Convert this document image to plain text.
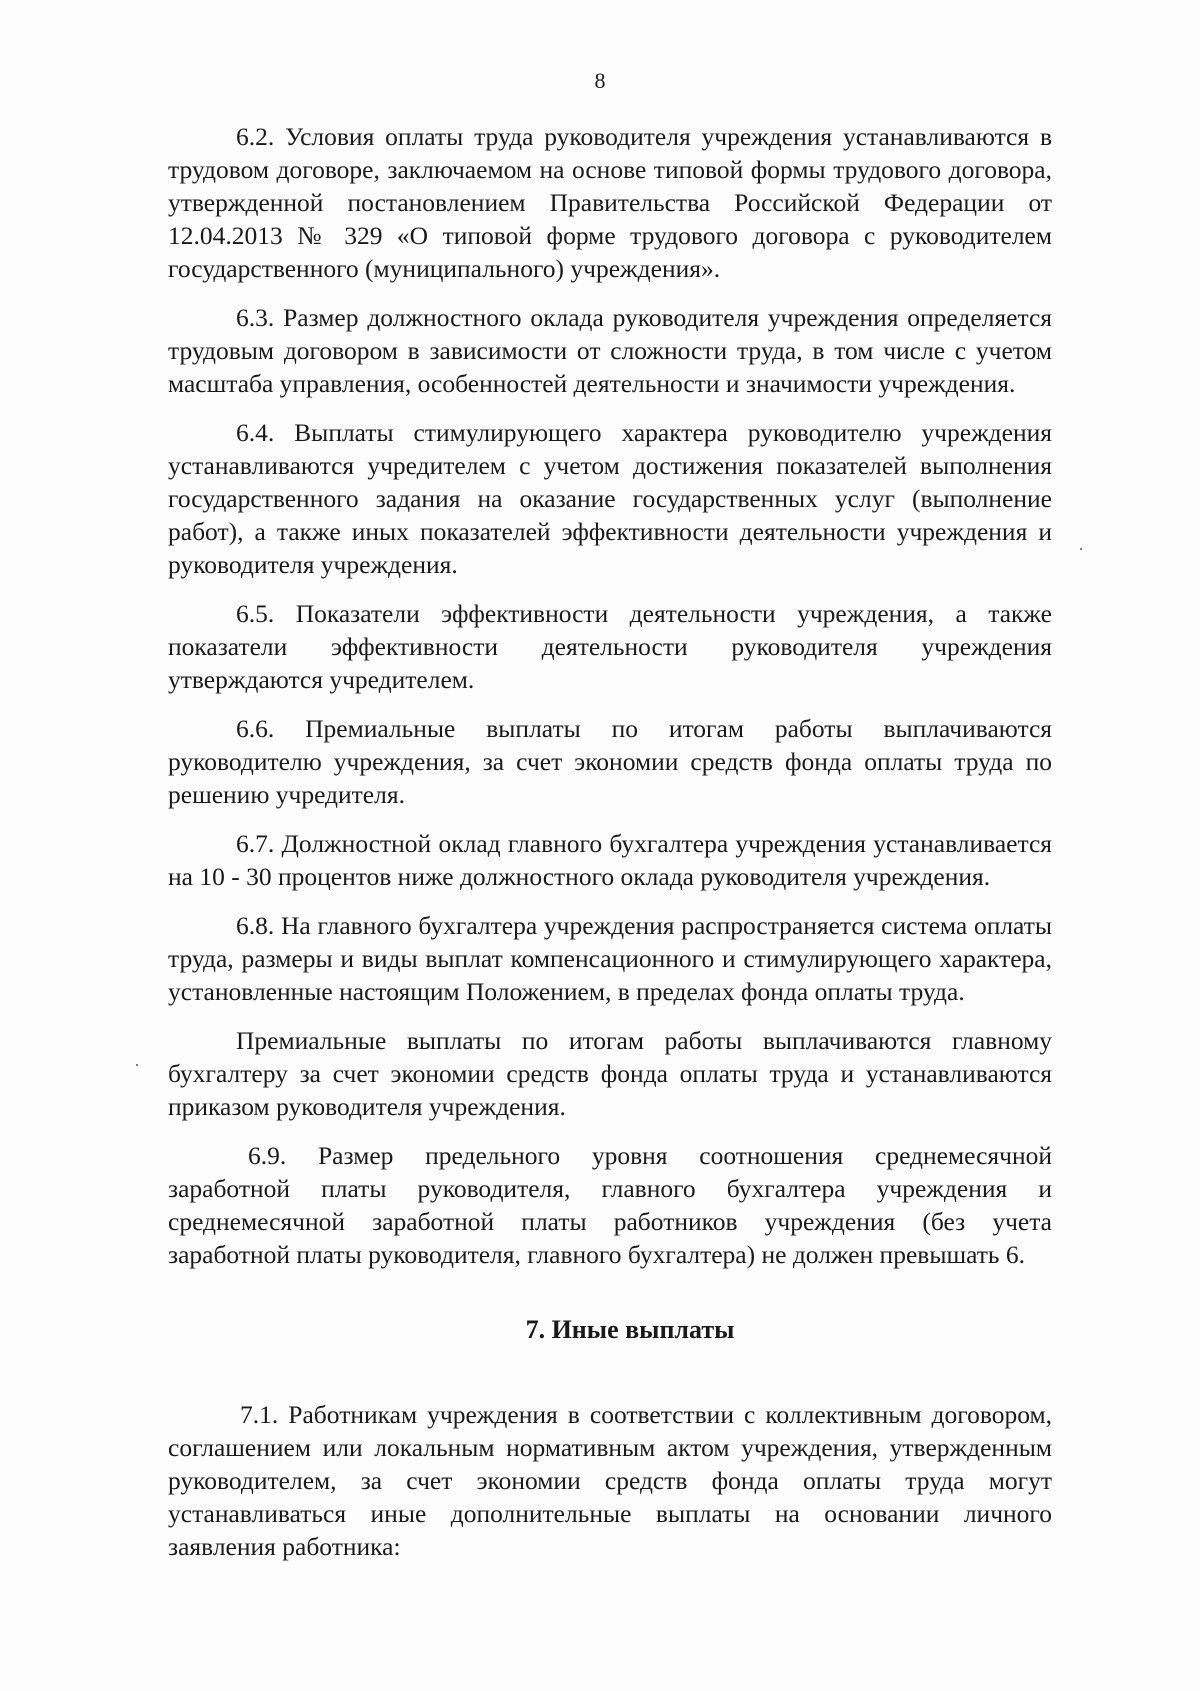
8

6.2. Условия оплаты труда руководителя учреждения устанавливаются в трудовом договоре, заключаемом на основе типовой формы трудового договора, утвержденной постановлением Правительства Российской Федерации от 12.04.2013 № 329 «О типовой форме трудового договора с руководителем государственного (муниципального) учреждения».

6.3. Размер должностного оклада руководителя учреждения определяется трудовым договором в зависимости от сложности труда, в том числе с учетом масштаба управления, особенностей деятельности и значимости учреждения.

6.4. Выплаты стимулирующего характера руководителю учреждения устанавливаются учредителем с учетом достижения показателей выполнения государственного задания на оказание государственных услуг (выполнение работ), а также иных показателей эффективности деятельности учреждения и руководителя учреждения.

6.5. Показатели эффективности деятельности учреждения, а также показатели эффективности деятельности руководителя учреждения утверждаются учредителем.

6.6. Премиальные выплаты по итогам работы выплачиваются руководителю учреждения, за счет экономии средств фонда оплаты труда по решению учредителя.

6.7. Должностной оклад главного бухгалтера учреждения устанавливается на 10 - 30 процентов ниже должностного оклада руководителя учреждения.

6.8. На главного бухгалтера учреждения распространяется система оплаты труда, размеры и виды выплат компенсационного и стимулирующего характера, установленные настоящим Положением, в пределах фонда оплаты труда.

Премиальные выплаты по итогам работы выплачиваются главному бухгалтеру за счет экономии средств фонда оплаты труда и устанавливаются приказом руководителя учреждения.

6.9. Размер предельного уровня соотношения среднемесячной заработной платы руководителя, главного бухгалтера учреждения и среднемесячной заработной платы работников учреждения (без учета заработной платы руководителя, главного бухгалтера) не должен превышать 6.

7. Иные выплаты

7.1. Работникам учреждения в соответствии с коллективным договором, соглашением или локальным нормативным актом учреждения, утвержденным руководителем, за счет экономии средств фонда оплаты труда могут устанавливаться иные дополнительные выплаты на основании личного заявления работника:
